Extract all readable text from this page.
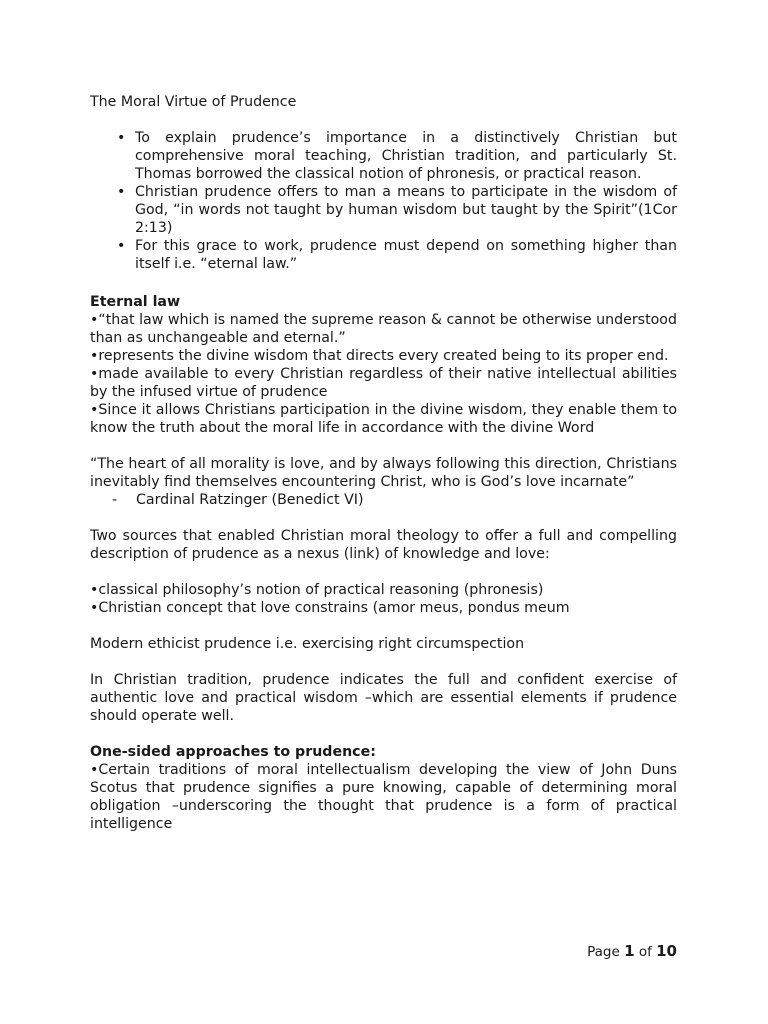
The Moral Virtue of Prudence
• To explain prudence’s importance in a distinctively Christian but comprehensive moral teaching, Christian tradition, and particularly St. Thomas borrowed the classical notion of phronesis, or practical reason.
• Christian prudence offers to man a means to participate in the wisdom of God, “in words not taught by human wisdom but taught by the Spirit”(1Cor 2:13)
• For this grace to work, prudence must depend on something higher than itself i.e. “eternal law.”
Eternal law

•“that law which is named the supreme reason & cannot be otherwise understood than as unchangeable and eternal.”

•represents the divine wisdom that directs every created being to its proper end.

•made available to every Christian regardless of their native intellectual abilities by the infused virtue of prudence

•Since it allows Christians participation in the divine wisdom, they enable them to know the truth about the moral life in accordance with the divine Word

“The heart of all morality is love, and by always following this direction, Christians inevitably find themselves encountering Christ, who is God’s love incarnate”

- Cardinal Ratzinger (Benedict VI)

Two sources that enabled Christian moral theology to offer a full and compelling description of prudence as a nexus (link) of knowledge and love:

•classical philosophy’s notion of practical reasoning (phronesis)

•Christian concept that love constrains (amor meus, pondus meum

Modern ethicist prudence i.e. exercising right circumspection

In Christian tradition, prudence indicates the full and confident exercise of authentic love and practical wisdom –which are essential elements if prudence should operate well.

One-sided approaches to prudence:

•Certain traditions of moral intellectualism developing the view of John Duns Scotus that prudence signifies a pure knowing, capable of determining moral obligation –underscoring the thought that prudence is a form of practical intelligence

Page 1 of 10
